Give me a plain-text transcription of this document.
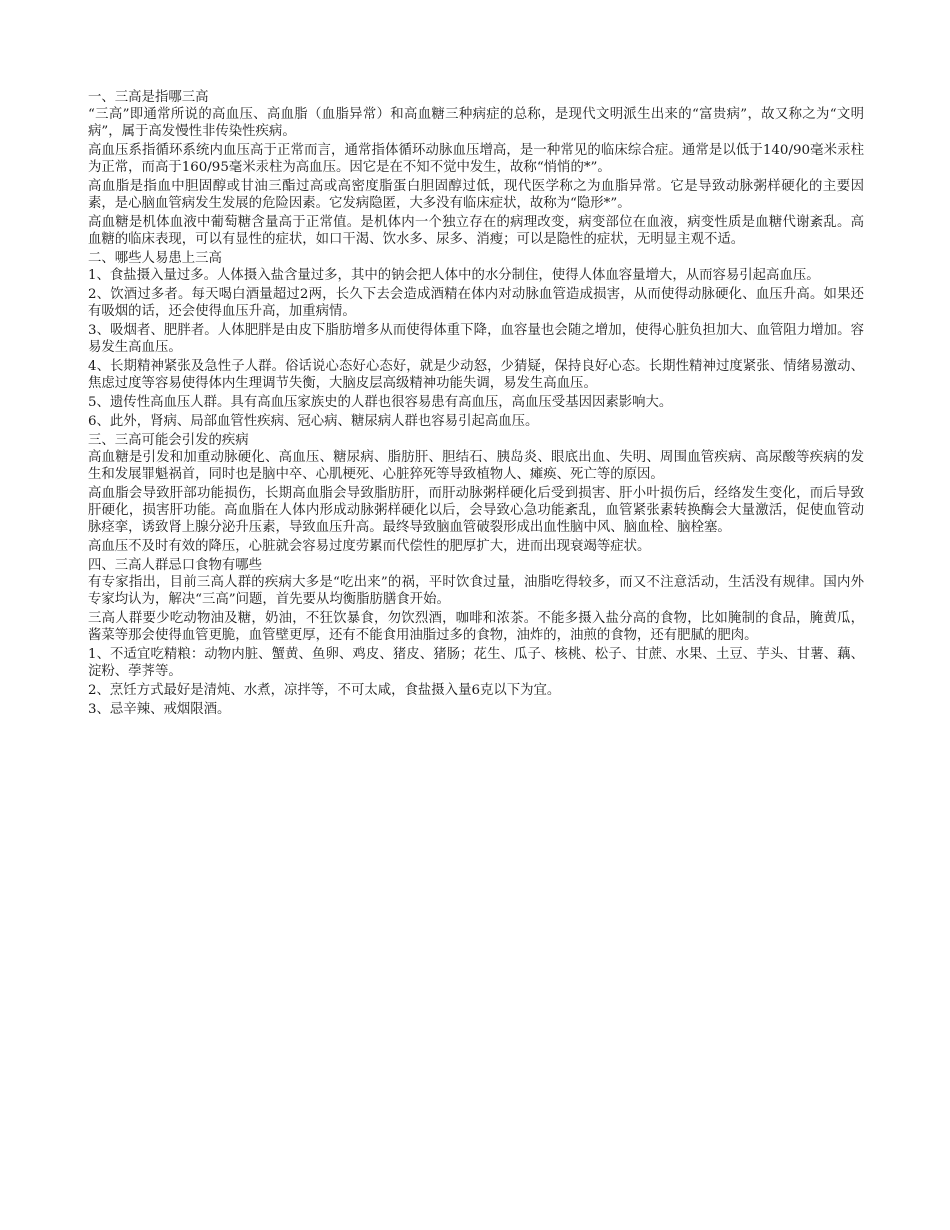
一、三高是指哪三高

“三高”即通常所说的高血压、高血脂（血脂异常）和高血糖三种病症的总称，是现代文明派生出来的“富贵病”，故又称之为“文明病”，属于高发慢性非传染性疾病。

高血压系指循环系统内血压高于正常而言，通常指体循环动脉血压增高，是一种常见的临床综合症。通常是以低于140/90毫米汞柱为正常，而高于160/95毫米汞柱为高血压。因它是在不知不觉中发生，故称“悄悄的*”。

高血脂是指血中胆固醇或甘油三酯过高或高密度脂蛋白胆固醇过低，现代医学称之为血脂异常。它是导致动脉粥样硬化的主要因素，是心脑血管病发生发展的危险因素。它发病隐匿，大多没有临床症状，故称为“隐形*”。

高血糖是机体血液中葡萄糖含量高于正常值。是机体内一个独立存在的病理改变，病变部位在血液，病变性质是血糖代谢紊乱。高血糖的临床表现，可以有显性的症状，如口干渴、饮水多、尿多、消瘦；可以是隐性的症状，无明显主观不适。

二、哪些人易患上三高

1、食盐摄入量过多。人体摄入盐含量过多，其中的钠会把人体中的水分制住，使得人体血容量增大，从而容易引起高血压。

2、饮酒过多者。每天喝白酒量超过2两，长久下去会造成酒精在体内对动脉血管造成损害，从而使得动脉硬化、血压升高。如果还有吸烟的话，还会使得血压升高，加重病情。

3、吸烟者、肥胖者。人体肥胖是由皮下脂肪增多从而使得体重下降，血容量也会随之增加，使得心脏负担加大、血管阻力增加。容易发生高血压。

4、长期精神紧张及急性子人群。俗话说心态好心态好，就是少动怒，少猜疑，保持良好心态。长期性精神过度紧张、情绪易激动、焦虑过度等容易使得体内生理调节失衡，大脑皮层高级精神功能失调，易发生高血压。

5、遗传性高血压人群。具有高血压家族史的人群也很容易患有高血压，高血压受基因因素影响大。

6、此外，肾病、局部血管性疾病、冠心病、糖尿病人群也容易引起高血压。

三、三高可能会引发的疾病

高血糖是引发和加重动脉硬化、高血压、糖尿病、脂肪肝、胆结石、胰岛炎、眼底出血、失明、周围血管疾病、高尿酸等疾病的发生和发展罪魁祸首，同时也是脑中卒、心肌梗死、心脏猝死等导致植物人、瘫痪、死亡等的原因。

高血脂会导致肝部功能损伤，长期高血脂会导致脂肪肝，而肝动脉粥样硬化后受到损害、肝小叶损伤后，经络发生变化，而后导致肝硬化，损害肝功能。高血脂在人体内形成动脉粥样硬化以后，会导致心急功能紊乱，血管紧张素转换酶会大量激活，促使血管动脉痉挛，诱致肾上腺分泌升压素，导致血压升高。最终导致脑血管破裂形成出血性脑中风、脑血栓、脑栓塞。

高血压不及时有效的降压，心脏就会容易过度劳累而代偿性的肥厚扩大，进而出现衰竭等症状。

四、三高人群忌口食物有哪些

有专家指出，目前三高人群的疾病大多是“吃出来”的祸，平时饮食过量，油脂吃得较多，而又不注意活动，生活没有规律。国内外专家均认为，解决“三高”问题，首先要从均衡脂肪膳食开始。

三高人群要少吃动物油及糖，奶油，不狂饮暴食，勿饮烈酒，咖啡和浓茶。不能多摄入盐分高的食物，比如腌制的食品，腌黄瓜，酱菜等那会使得血管更脆，血管壁更厚，还有不能食用油脂过多的食物，油炸的，油煎的食物，还有肥腻的肥肉。

1、不适宜吃精粮：动物内脏、蟹黄、鱼卵、鸡皮、猪皮、猪肠；花生、瓜子、核桃、松子、甘蔗、水果、土豆、芋头、甘薯、藕、淀粉、荸荠等。

2、烹饪方式最好是清炖、水煮，凉拌等，不可太咸，食盐摄入量6克以下为宜。

3、忌辛辣、戒烟限酒。
